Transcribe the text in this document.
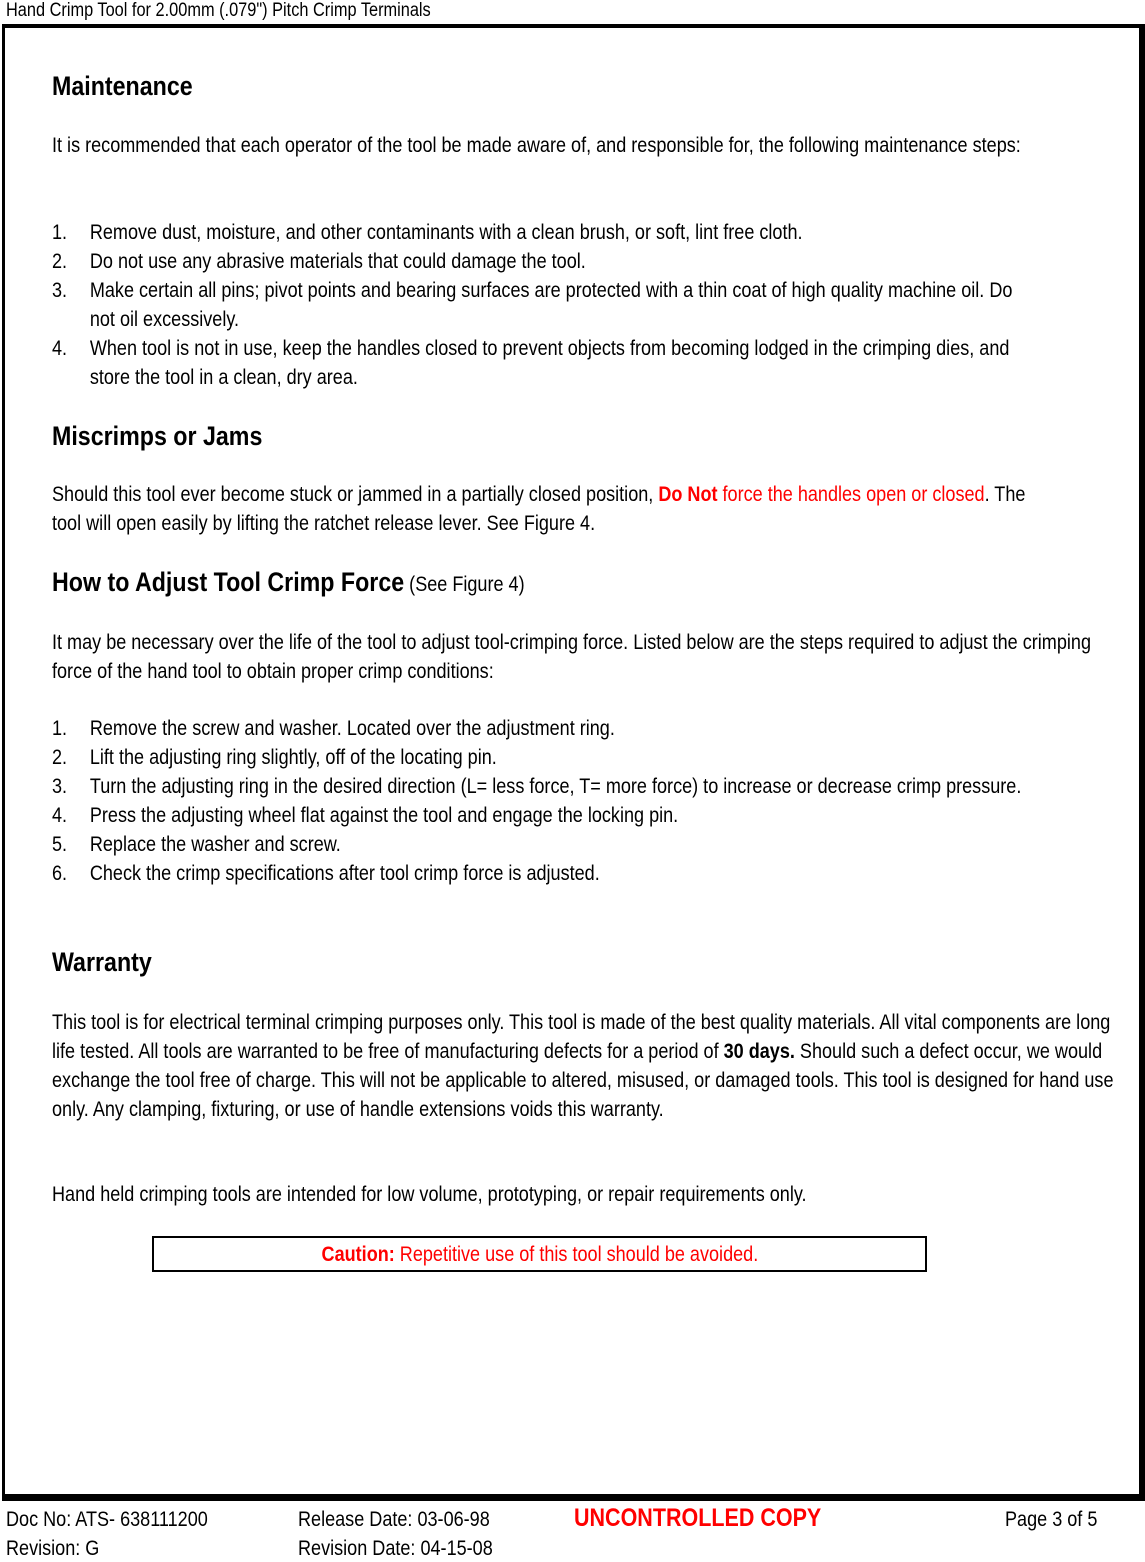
Hand Crimp Tool for 2.00mm (.079") Pitch Crimp Terminals
Maintenance

It is recommended that each operator of the tool be made aware of, and responsible for, the following maintenance steps:

1. Remove dust, moisture, and other contaminants with a clean brush, or soft, lint free cloth.
2. Do not use any abrasive materials that could damage the tool.
3. Make certain all pins; pivot points and bearing surfaces are protected with a thin coat of high quality machine oil. Do not oil excessively.
4. When tool is not in use, keep the handles closed to prevent objects from becoming lodged in the crimping dies, and store the tool in a clean, dry area.
Miscrimps or Jams

Should this tool ever become stuck or jammed in a partially closed position, Do Not force the handles open or closed. The tool will open easily by lifting the ratchet release lever. See Figure 4.

How to Adjust Tool Crimp Force (See Figure 4)

It may be necessary over the life of the tool to adjust tool-crimping force. Listed below are the steps required to adjust the crimping force of the hand tool to obtain proper crimp conditions:

1. Remove the screw and washer. Located over the adjustment ring.
2. Lift the adjusting ring slightly, off of the locating pin.
3. Turn the adjusting ring in the desired direction (L= less force, T= more force) to increase or decrease crimp pressure.
4. Press the adjusting wheel flat against the tool and engage the locking pin.
5. Replace the washer and screw.
6. Check the crimp specifications after tool crimp force is adjusted.
Warranty

This tool is for electrical terminal crimping purposes only. This tool is made of the best quality materials. All vital components are long life tested. All tools are warranted to be free of manufacturing defects for a period of 30 days. Should such a defect occur, we would exchange the tool free of charge. This will not be applicable to altered, misused, or damaged tools. This tool is designed for hand use only. Any clamping, fixturing, or use of handle extensions voids this warranty.

Hand held crimping tools are intended for low volume, prototyping, or repair requirements only.

Caution: Repetitive use of this tool should be avoided.
Doc No: ATS- 638111200
Revision: G
Release Date: 03-06-98
Revision Date: 04-15-08
UNCONTROLLED COPY	Page 3 of 5
